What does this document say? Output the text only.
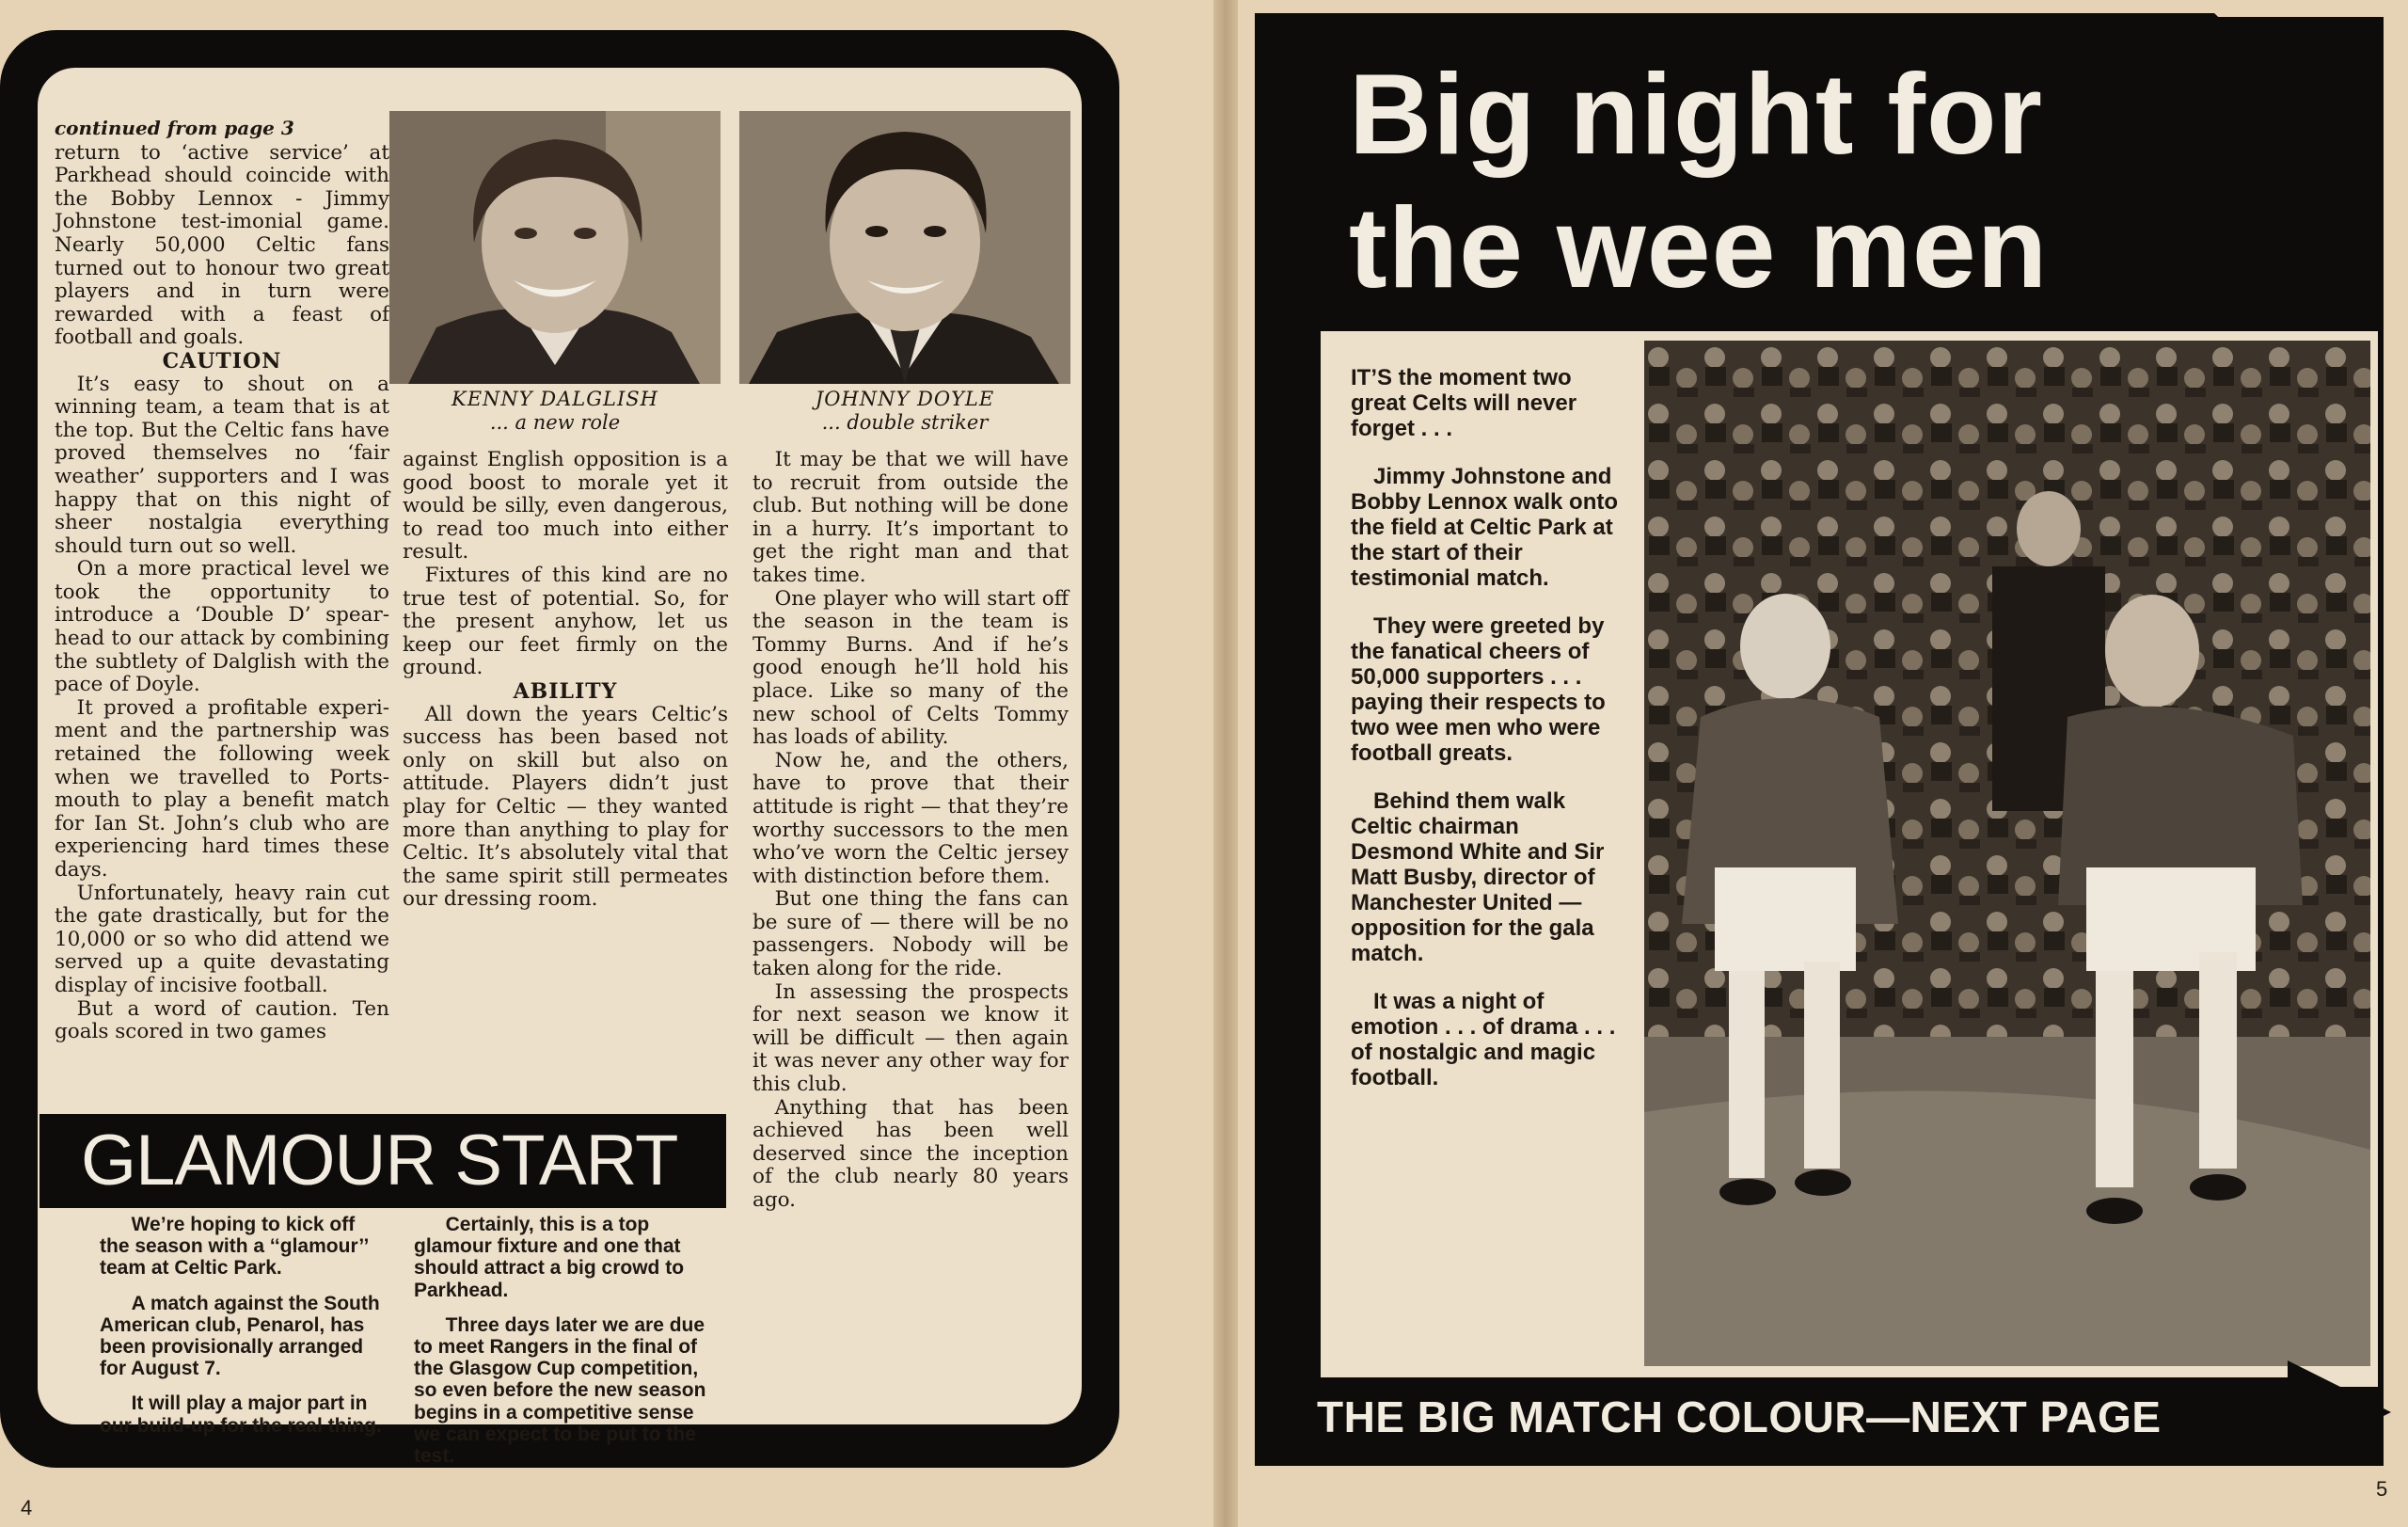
continued from page 3

return to ‘active service’ at Parkhead should coincide with the Bobby Lennox - Jimmy Johnstone test-imonial game. Nearly 50,000 Celtic fans turned out to honour two great players and in turn were rewarded with a feast of football and goals.

CAUTION

It’s easy to shout on a winning team, a team that is at the top. But the Celtic fans have proved themselves no ‘fair weather’ supporters and I was happy that on this night of sheer nostalgia everything should turn out so well.

On a more practical level we took the opportunity to introduce a ‘Double D’ spear-head to our attack by combining the subtlety of Dalglish with the pace of Doyle.

It proved a profitable experi-ment and the partnership was retained the following week when we travelled to Ports-mouth to play a benefit match for Ian St. John’s club who are experiencing hard times these days.

Unfortunately, heavy rain cut the gate drastically, but for the 10,000 or so who did attend we served up a quite devastating display of incisive football.

But a word of caution. Ten goals scored in two games

KENNY DALGLISH
... a new role
JOHNNY DOYLE
... double striker

against English opposition is a good boost to morale yet it would be silly, even dangerous, to read too much into either result.

Fixtures of this kind are no true test of potential. So, for the present anyhow, let us keep our feet firmly on the ground.

ABILITY

All down the years Celtic’s success has been based not only on skill but also on attitude. Players didn’t just play for Celtic — they wanted more than anything to play for Celtic. It’s absolutely vital that the same spirit still permeates our dressing room.

It may be that we will have to recruit from outside the club. But nothing will be done in a hurry. It’s important to get the right man and that takes time.

One player who will start off the season in the team is Tommy Burns. And if he’s good enough he’ll hold his place. Like so many of the new school of Celts Tommy has loads of ability.

Now he, and the others, have to prove that their attitude is right — that they’re worthy successors to the men who’ve worn the Celtic jersey with distinction before them.

But one thing the fans can be sure of — there will be no passengers. Nobody will be taken along for the ride.

In assessing the prospects for next season we know it will be difficult — then again it was never any other way for this club.

Anything that has been achieved has been well deserved since the inception of the club nearly 80 years ago.

GLAMOUR START

We’re hoping to kick off the season with a ‘‘glamour’’ team at Celtic Park.

A match against the South American club, Penarol, has been provisionally arranged for August 7.

It will play a major part in our build-up for the real thing.

Certainly, this is a top glamour fixture and one that should attract a big crowd to Parkhead.

Three days later we are due to meet Rangers in the final of the Glasgow Cup competition, so even before the new season begins in a competitive sense we can expect to be put to the test.

4
Big night for
the wee men

IT’S the moment two great Celts will never forget . . .

Jimmy Johnstone and Bobby Lennox walk onto the field at Celtic Park at the start of their testimonial match.

They were greeted by the fanatical cheers of 50,000 supporters . . . paying their respects to two wee men who were football greats.

Behind them walk Celtic chairman Desmond White and Sir Matt Busby, director of Manchester United — opposition for the gala match.

It was a night of emotion . . . of drama . . . of nostalgic and magic football.

THE BIG MATCH COLOUR—NEXT PAGE
5
